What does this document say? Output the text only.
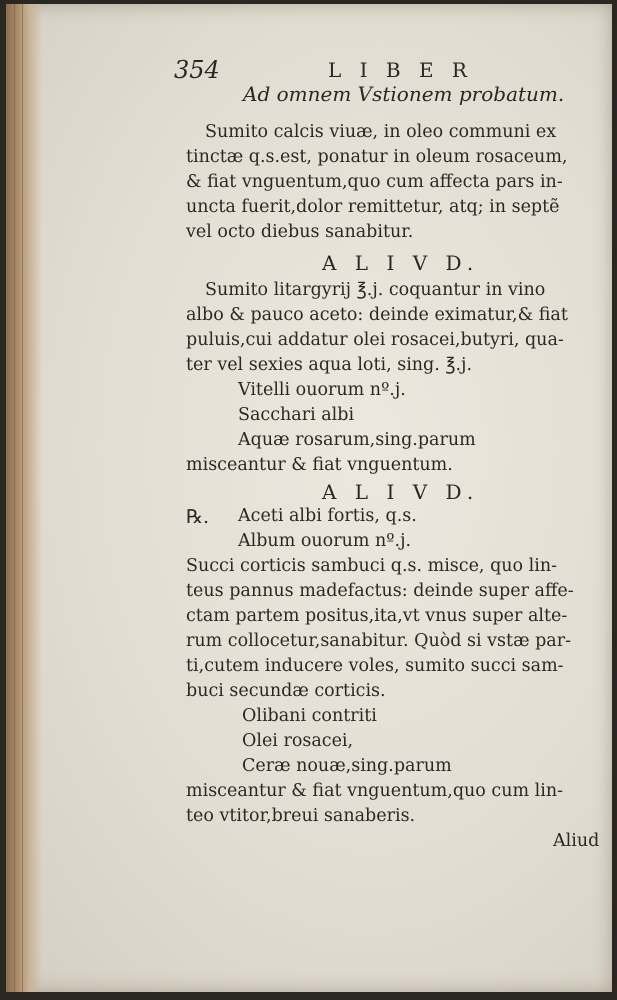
354	L I B E R
Ad omnem Vstionem probatum.
Sumito calcis viuæ, in oleo communi ex
tinctæ q.s.est, ponatur in oleum rosaceum,
& fiat vnguentum,quo cum affecta pars in-
uncta fuerit,dolor remittetur, atq; in septẽ
vel octo diebus sanabitur.
A L I V D.
Sumito litargyrij ℥.j. coquantur in vino
albo & pauco aceto: deinde eximatur,& fiat
puluis,cui addatur olei rosacei,butyri, qua-
ter vel sexies aqua loti, sing. ℥.j.
Vitelli ouorum nº.j.
Sacchari albi
Aquæ rosarum,sing.parum
misceantur & fiat vnguentum.
A L I V D.
℞. Aceti albi fortis, q.s.
Album ouorum nº.j.
Succi corticis sambuci q.s. misce, quo lin-
teus pannus madefactus: deinde super affe-
ctam partem positus,ita,vt vnus super alte-
rum collocetur,sanabitur. Quòd si vstæ par-
ti,cutem inducere voles, sumito succi sam-
buci secundæ corticis.
Olibani contriti
Olei rosacei,
Ceræ nouæ,sing.parum
misceantur & fiat vnguentum,quo cum lin-
teo vtitor,breui sanaberis.
Aliud
